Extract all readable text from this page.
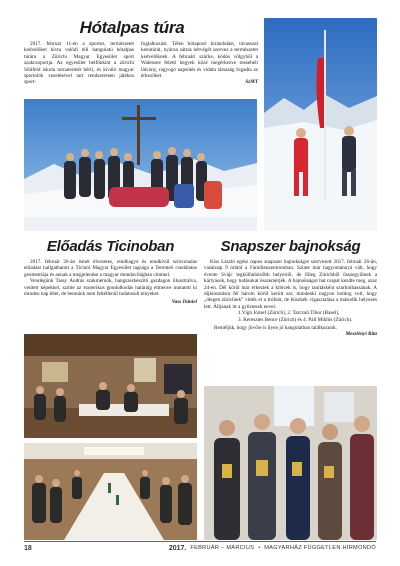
Hótalpas túra

2017. február 11-én a sportos, természetet kedvelőket hívta valódi téli hangulatú hótalpas túrára a Zürichi Magyar Egyesület sport szakcsoportja. Az egyesület hétfőnkint a zürichi Sihlfeld iskola tornatermét bérli, és kiváló magyar sportolók vezetésével tart rendszeresen játékos sport-

foglalkozást. Télen hótaposó kirándulást, tavasszal kenutúrát, nyáron sátras hétvégét szervez a természetet kedvelőknek. A februári szűrke, ködös völgyből a Walensee feletti hegyek közé megérkezve mesebeli látvány, ragyogó napsütés és vidám társaság fogadta az érkezőket.

SzMT

Előadás Ticinoban

2017. február 26-án ismét élvezetes, rendhagyó és rendkívül színvonalas előadást hallgathatott a Ticinói Magyar Egyesület tagsága a Terenteö csodálatos geometriája és annak a megjelenése a magyar mondavilágban címmel.

Vendégünk Tassy András szakmérnök, hangszerkészítő gazdagon illusztrálva, vetített képekkel, szinte az ezoterikus gondolkodás határáig elmenve mutatott ki minden nap létet, de bennünk nem feltétlenül tudatosult tényeket.

Vass Dániel

Snapszer bajnokság

Kiss László egész napos snapszer bajnokságot szervezett 2017. február 26-án, vasárnap 9 órától a Familienzentrumban. Szinte már hagyománnyá vált, hogy évente Svájc legkülönbözőbb helyeiről, de főleg Zürichből összegyűlnek a kártyások, hogy tudásukat összemérjék. A bajnokságot hat csapat kezdte meg, azaz 24-en. Dél körül már érkeztek a kibicek is, hogy tanításként szurkolhassanak. A díjkiosztásra fél három körül került sor, mindenki nagyon boldog volt, hogy „idegen zürichiek” vitték el a trófeát, de büszkék vigasztalása a második helyezés lett. Álljanak itt a győztesek nevei:

1.Vigh József (Zürich), 2. Tarczali Tibor (Basel),

3. Keresztes Bence (Zürich) és 4. Páll Miklós (Zürich).

Reméljük, hogy jövőre is ilyen jó hangulatban találkozunk.

Meszlényi Rita

18	2017. FEBRUÁR – MÁRCIUS • MAGYARHÁZ FÜGGETLEN HÍRMONDÓ
